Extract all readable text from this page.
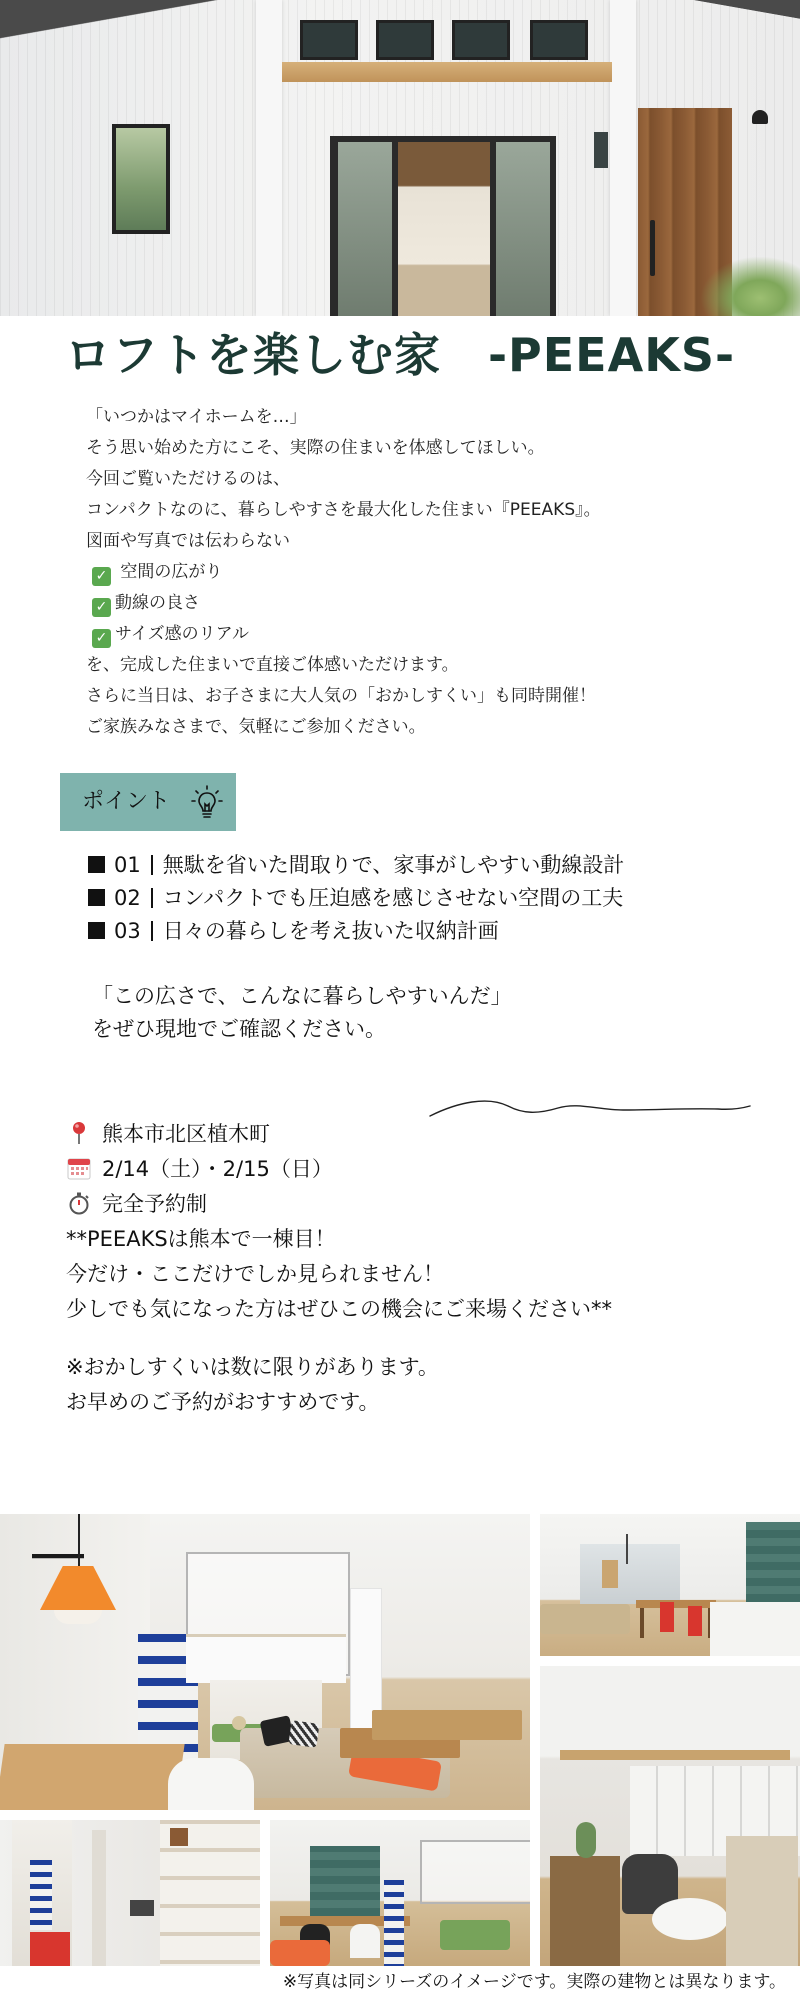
ロフトを楽しむ家　-PEEAKS-
「いつかはマイホームを…」
そう思い始めた方にこそ、実際の住まいを体感してほしい。
今回ご覧いただけるのは、
コンパクトなのに、暮らしやすさを最大化した住まい『PEEAKS』。
図面や写真では伝わらない
✓ 空間の広がり
✓ 動線の良さ
✓ サイズ感のリアル
を、完成した住まいで直接ご体感いただけます。
さらに当日は、お子さまに大人気の「おかしすくい」も同時開催！
ご家族みなさまで、気軽にご参加ください。
ポイント
01 無駄を省いた間取りで、家事がしやすい動線設計
02 コンパクトでも圧迫感を感じさせない空間の工夫
03 日々の暮らしを考え抜いた収納計画
「この広さで、こんなに暮らしやすいんだ」
をぜひ現地でご確認ください。
熊本市北区植木町
2/14（土）・2/15（日）
完全予約制
**PEEAKSは熊本で一棟目！
今だけ・ここだけでしか見られません！
少しでも気になった方はぜひこの機会にご来場ください**
※おかしすくいは数に限りがあります。
お早めのご予約がおすすめです。
※写真は同シリーズのイメージです。実際の建物とは異なります。
